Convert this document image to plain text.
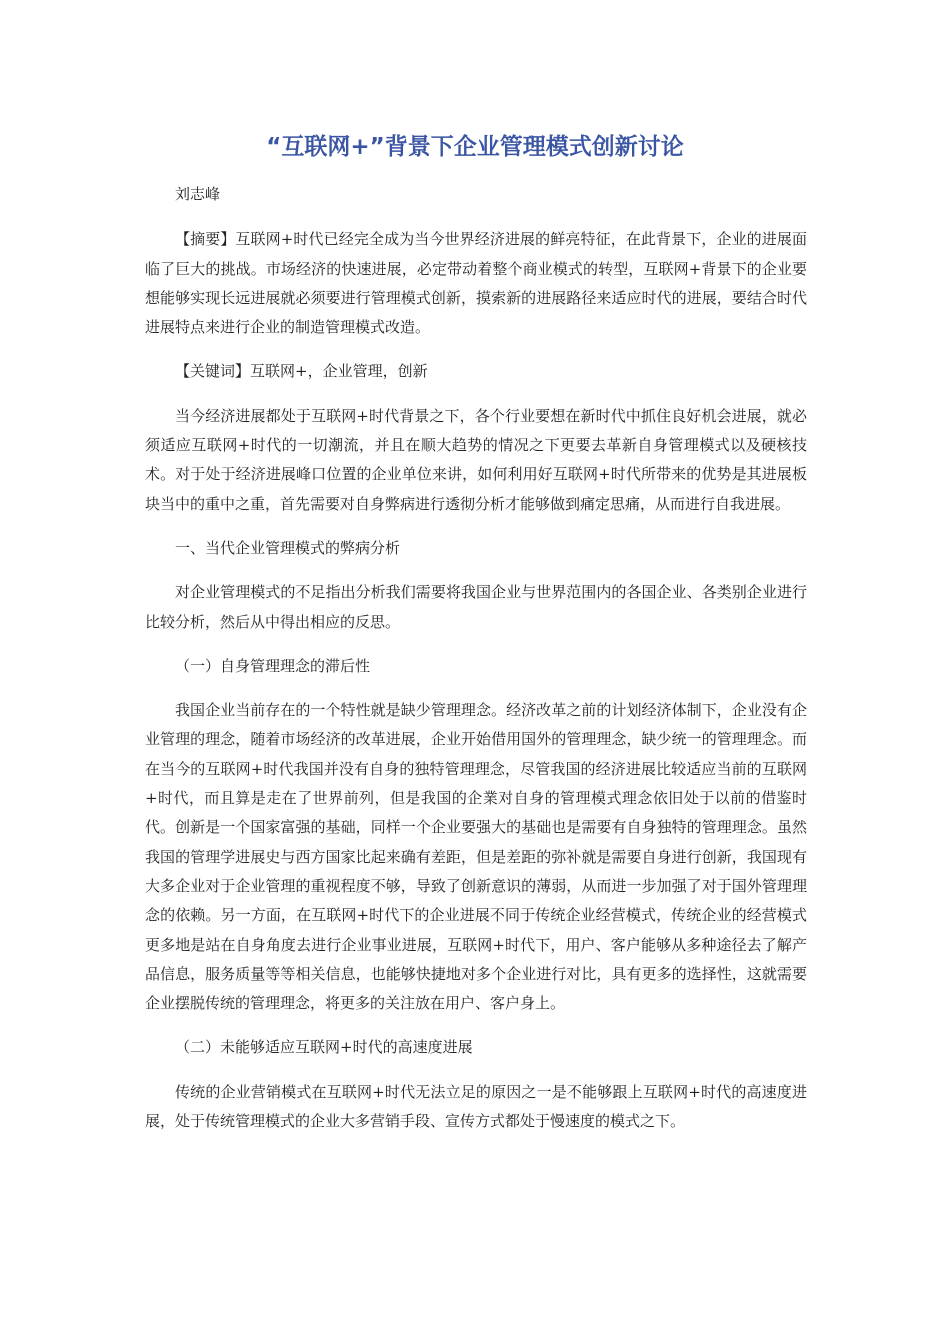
“互联网+”背景下企业管理模式创新讨论

刘志峰

【摘要】互联网+时代已经完全成为当今世界经济进展的鲜亮特征，在此背景下，企业的进展面临了巨大的挑战。市场经济的快速进展，必定带动着整个商业模式的转型，互联网+背景下的企业要想能够实现长远进展就必须要进行管理模式创新，摸索新的进展路径来适应时代的进展，要结合时代进展特点来进行企业的制造管理模式改造。

【关键词】互联网+，企业管理，创新

当今经济进展都处于互联网+时代背景之下，各个行业要想在新时代中抓住良好机会进展，就必须适应互联网+时代的一切潮流，并且在顺大趋势的情况之下更要去革新自身管理模式以及硬核技术。对于处于经济进展峰口位置的企业单位来讲，如何利用好互联网+时代所带来的优势是其进展板块当中的重中之重，首先需要对自身弊病进行透彻分析才能够做到痛定思痛，从而进行自我进展。

一、当代企业管理模式的弊病分析

对企业管理模式的不足指出分析我们需要将我国企业与世界范围内的各国企业、各类别企业进行比较分析，然后从中得出相应的反思。

（一）自身管理理念的滞后性

我国企业当前存在的一个特性就是缺少管理理念。经济改革之前的计划经济体制下，企业没有企业管理的理念，随着市场经济的改革进展，企业开始借用国外的管理理念，缺少统一的管理理念。而在当今的互联网+时代我国并没有自身的独特管理理念，尽管我国的经济进展比较适应当前的互联网+时代，而且算是走在了世界前列，但是我国的企業对自身的管理模式理念依旧处于以前的借鉴时代。创新是一个国家富强的基础，同样一个企业要强大的基础也是需要有自身独特的管理理念。虽然我国的管理学进展史与西方国家比起来确有差距，但是差距的弥补就是需要自身进行创新，我国现有大多企业对于企业管理的重视程度不够，导致了创新意识的薄弱，从而进一步加强了对于国外管理理念的依赖。另一方面，在互联网+时代下的企业进展不同于传统企业经营模式，传统企业的经营模式更多地是站在自身角度去进行企业事业进展，互联网+时代下，用户、客户能够从多种途径去了解产品信息，服务质量等等相关信息，也能够快捷地对多个企业进行对比，具有更多的选择性，这就需要企业摆脱传统的管理理念，将更多的关注放在用户、客户身上。

（二）未能够适应互联网+时代的高速度进展

传统的企业营销模式在互联网+时代无法立足的原因之一是不能够跟上互联网+时代的高速度进展，处于传统管理模式的企业大多营销手段、宣传方式都处于慢速度的模式之下。
